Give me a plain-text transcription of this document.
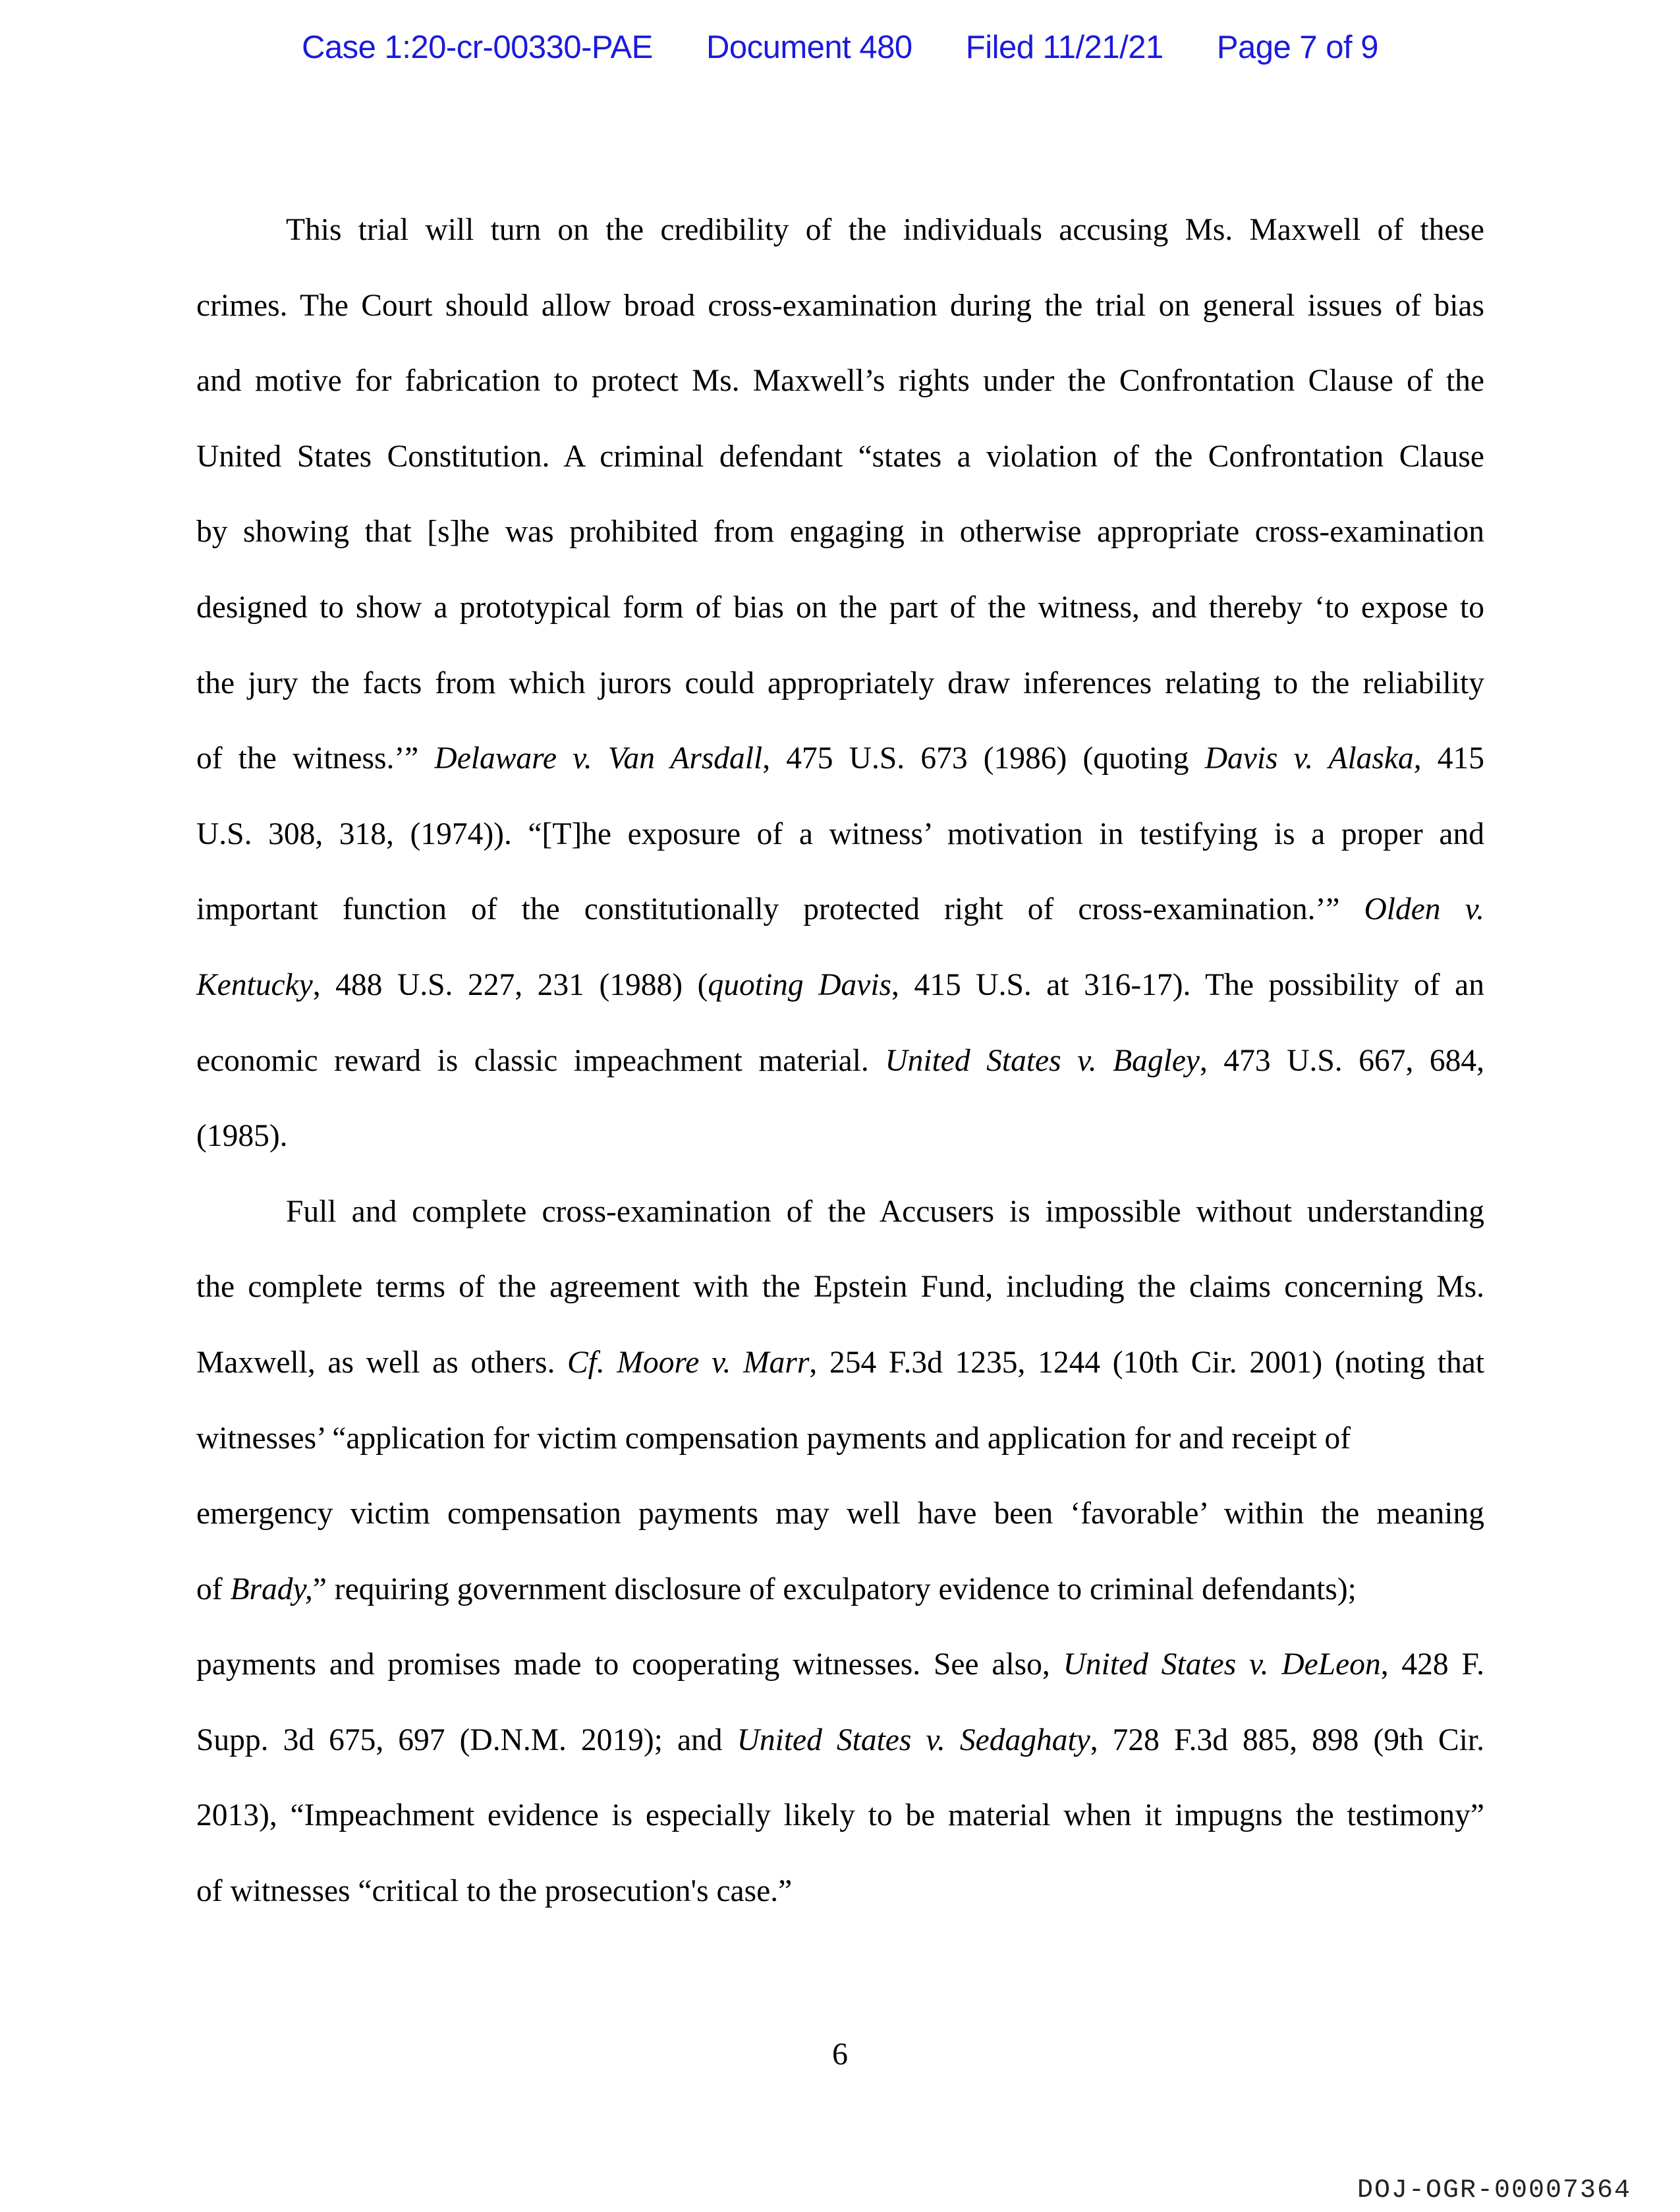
Case 1:20-cr-00330-PAE Document 480 Filed 11/21/21 Page 7 of 9
This trial will turn on the credibility of the individuals accusing Ms. Maxwell of these
crimes. The Court should allow broad cross-examination during the trial on general issues of bias
and motive for fabrication to protect Ms. Maxwell’s rights under the Confrontation Clause of the
United States Constitution. A criminal defendant “states a violation of the Confrontation Clause
by showing that [s]he was prohibited from engaging in otherwise appropriate cross-examination
designed to show a prototypical form of bias on the part of the witness, and thereby ‘to expose to
the jury the facts from which jurors could appropriately draw inferences relating to the reliability
of the witness.’” Delaware v. Van Arsdall, 475 U.S. 673 (1986) (quoting Davis v. Alaska, 415
U.S. 308, 318, (1974)). “[T]he exposure of a witness’ motivation in testifying is a proper and
important function of the constitutionally protected right of cross-examination.’” Olden v.
Kentucky, 488 U.S. 227, 231 (1988) (quoting Davis, 415 U.S. at 316-17). The possibility of an
economic reward is classic impeachment material. United States v. Bagley, 473 U.S. 667, 684,
(1985).
Full and complete cross-examination of the Accusers is impossible without understanding
the complete terms of the agreement with the Epstein Fund, including the claims concerning Ms.
Maxwell, as well as others. Cf. Moore v. Marr, 254 F.3d 1235, 1244 (10th Cir. 2001) (noting that
witnesses’ “application for victim compensation payments and application for and receipt of
emergency victim compensation payments may well have been ‘favorable’ within the meaning
of Brady,” requiring government disclosure of exculpatory evidence to criminal defendants);
payments and promises made to cooperating witnesses. See also, United States v. DeLeon, 428 F.
Supp. 3d 675, 697 (D.N.M. 2019); and United States v. Sedaghaty, 728 F.3d 885, 898 (9th Cir.
2013), “Impeachment evidence is especially likely to be material when it impugns the testimony”
of witnesses “critical to the prosecution's case.”
6
DOJ-OGR-00007364
